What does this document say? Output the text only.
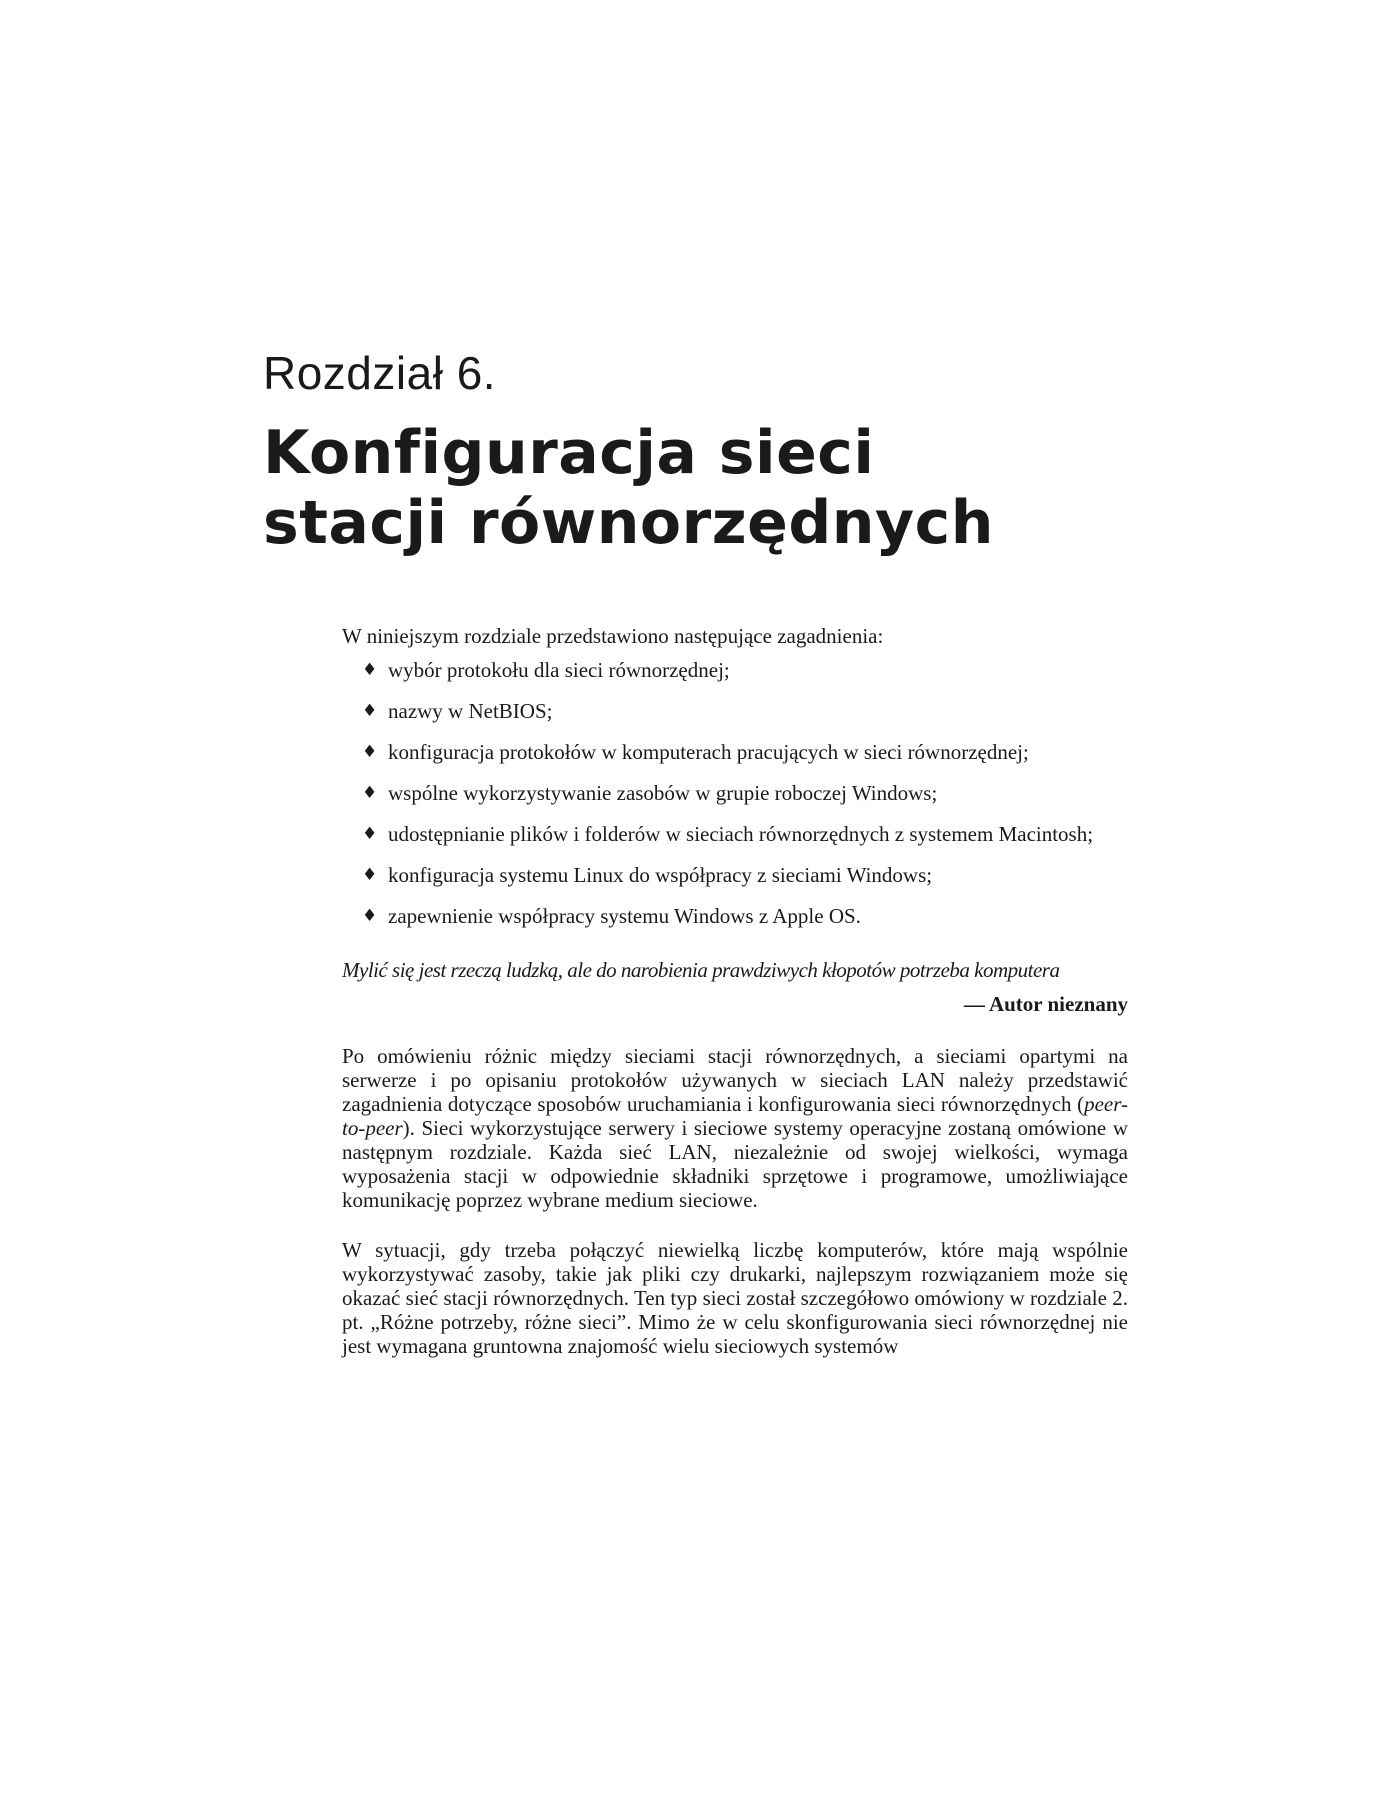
Rozdział 6.
Konfiguracja sieci
stacji równorzędnych

W niniejszym rozdziale przedstawiono następujące zagadnienia:

♦ wybór protokołu dla sieci równorzędnej;
♦ nazwy w NetBIOS;
♦ konfiguracja protokołów w komputerach pracujących w sieci równorzędnej;
♦ wspólne wykorzystywanie zasobów w grupie roboczej Windows;
♦ udostępnianie plików i folderów w sieciach równorzędnych z systemem Macintosh;
♦ konfiguracja systemu Linux do współpracy z sieciami Windows;
♦ zapewnienie współpracy systemu Windows z Apple OS.

Mylić się jest rzeczą ludzką, ale do narobienia prawdziwych kłopotów potrzeba komputera

— Autor nieznany

Po omówieniu różnic między sieciami stacji równorzędnych, a sieciami opartymi na serwerze i po opisaniu protokołów używanych w sieciach LAN należy przedstawić zagadnienia dotyczące sposobów uruchamiania i konfigurowania sieci równorzędnych (peer-to-peer). Sieci wykorzystujące serwery i sieciowe systemy operacyjne zostaną omówione w następnym rozdziale. Każda sieć LAN, niezależnie od swojej wielkości, wymaga wyposażenia stacji w odpowiednie składniki sprzętowe i programowe, umożliwiające komunikację poprzez wybrane medium sieciowe.

W sytuacji, gdy trzeba połączyć niewielką liczbę komputerów, które mają wspólnie wykorzystywać zasoby, takie jak pliki czy drukarki, najlepszym rozwiązaniem może się okazać sieć stacji równorzędnych. Ten typ sieci został szczegółowo omówiony w rozdziale 2. pt. „Różne potrzeby, różne sieci”. Mimo że w celu skonfigurowania sieci równorzędnej nie jest wymagana gruntowna znajomość wielu sieciowych systemów
